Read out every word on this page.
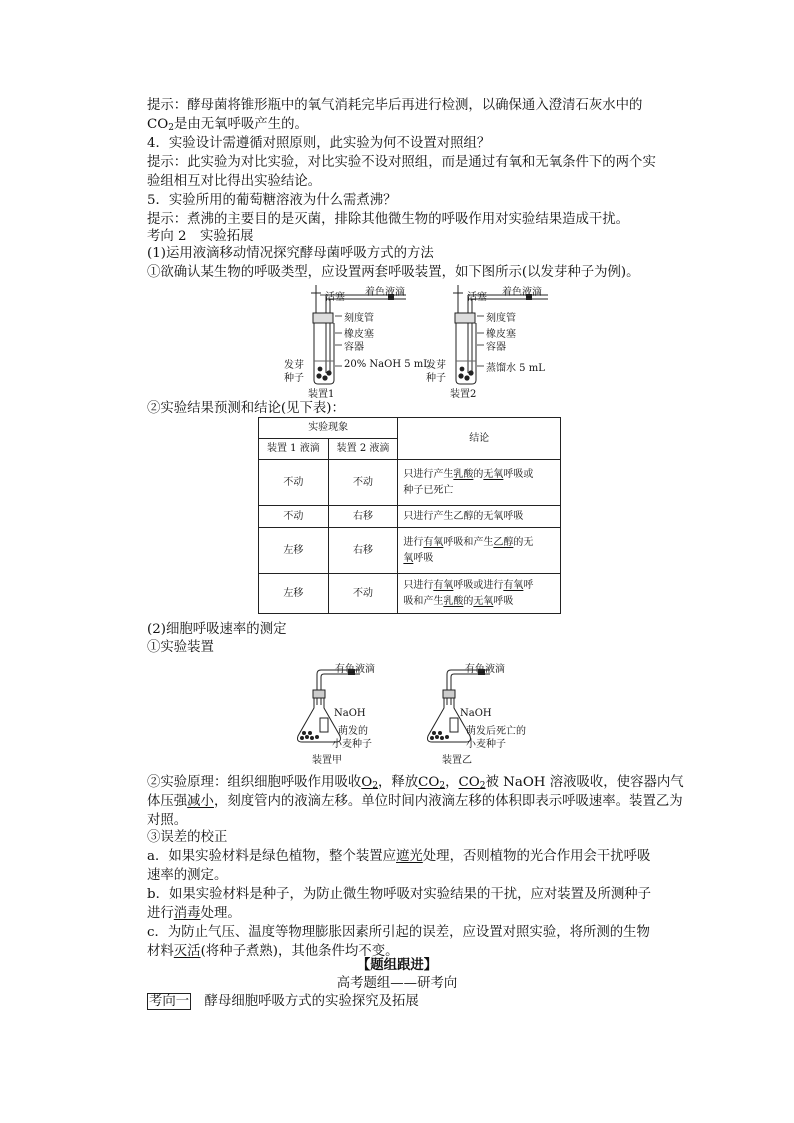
提示：酵母菌将锥形瓶中的氧气消耗完毕后再进行检测，以确保通入澄清石灰水中的
$CO_2$是由无氧呼吸产生的。
4．实验设计需遵循对照原则，此实验为何不设置对照组？
提示：此实验为对比实验，对比实验不设对照组，而是通过有氧和无氧条件下的两个实
验组相互对比得出实验结论。
5．实验所用的葡萄糖溶液为什么需煮沸？
提示：煮沸的主要目的是灭菌，排除其他微生物的呼吸作用对实验结果造成干扰。
考向 2　实验拓展
(1)运用液滴移动情况探究酵母菌呼吸方式的方法
①欲确认某生物的呼吸类型，应设置两套呼吸装置，如下图所示(以发芽种子为例)。
活塞 着色液滴
刻度管
橡皮塞
容器
发芽
种子
20% NaOH 5 mL
装置1
活塞 着色液滴
刻度管
橡皮塞
容器
发芽
种子
蒸馏水 5 mL
装置2
②实验结果预测和结论(见下表)：
实验现象		结论
装置 1 液滴	装置 2 液滴	
不动	不动	只进行产生乳酸的无氧呼吸或
种子已死亡
不动	右移	只进行产生乙醇的无氧呼吸
左移	右移	进行有氧呼吸和产生乙醇的无
氧呼吸
左移	不动	只进行有氧呼吸或进行有氧呼
吸和产生乳酸的无氧呼吸
(2)细胞呼吸速率的测定
①实验装置
有色液滴
NaOH
萌发的
小麦种子
装置甲
有色液滴
NaOH
萌发后死亡的
小麦种子
装置乙
②实验原理：组织细胞呼吸作用吸收$O_2$，释放$CO_2$，$CO_2$被 NaOH 溶液吸收，使容器内气
体压强减小，刻度管内的液滴左移。单位时间内液滴左移的体积即表示呼吸速率。装置乙为
对照。
③误差的校正
a．如果实验材料是绿色植物，整个装置应遮光处理，否则植物的光合作用会干扰呼吸
速率的测定。
b．如果实验材料是种子，为防止微生物呼吸对实验结果的干扰，应对装置及所测种子
进行消毒处理。
c．为防止气压、温度等物理膨胀因素所引起的误差，应设置对照实验，将所测的生物
材料灭活(将种子煮熟)，其他条件均不变。
【题组跟进】
高考题组——研考向
考向一　酵母细胞呼吸方式的实验探究及拓展
